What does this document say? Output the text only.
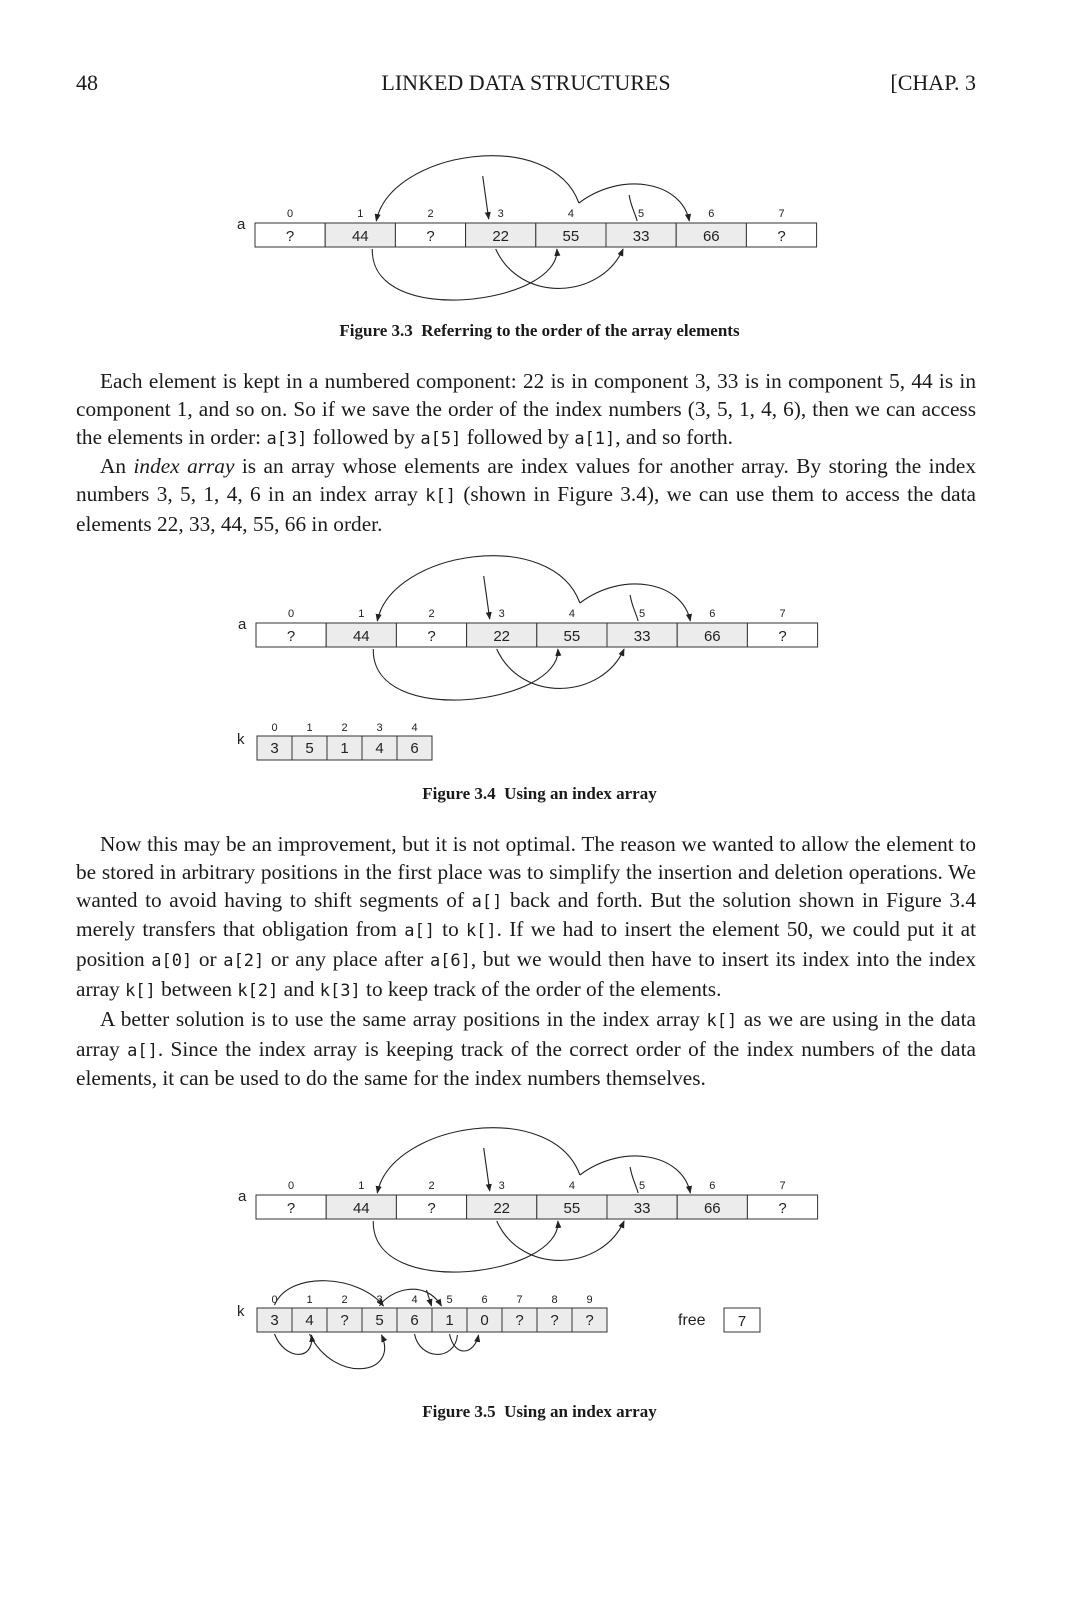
48	LINKED DATA STRUCTURES	[CHAP. 3
a
?
0
44
1
?
2
22
3
55
4
33
5
66
6
?
7
Figure 3.3 Referring to the order of the array elements

Each element is kept in a numbered component: 22 is in component 3, 33 is in component 5, 44 is in component 1, and so on. So if we save the order of the index numbers (3, 5, 1, 4, 6), then we can access the elements in order: a[3] followed by a[5] followed by a[1], and so forth.

An index array is an array whose elements are index values for another array. By storing the index numbers 3, 5, 1, 4, 6 in an index array k[] (shown in Figure 3.4), we can use them to access the data elements 22, 33, 44, 55, 66 in order.

a
?
0
44
1
?
2
22
3
55
4
33
5
66
6
?
7
k
3
0
5
1
1
2
4
3
6
4
Figure 3.4 Using an index array

Now this may be an improvement, but it is not optimal. The reason we wanted to allow the element to be stored in arbitrary positions in the first place was to simplify the insertion and deletion operations. We wanted to avoid having to shift segments of a[] back and forth. But the solution shown in Figure 3.4 merely transfers that obligation from a[] to k[]. If we had to insert the element 50, we could put it at position a[0] or a[2] or any place after a[6], but we would then have to insert its index into the index array k[] between k[2] and k[3] to keep track of the order of the elements.

A better solution is to use the same array positions in the index array k[] as we are using in the data array a[]. Since the index array is keeping track of the correct order of the index numbers of the data elements, it can be used to do the same for the index numbers themselves.

a
?
0
44
1
?
2
22
3
55
4
33
5
66
6
?
7
k
3
0
4
1
?
2
5
3
6
4
1
5
0
6
?
7
?
8
?
9
free 7
Figure 3.5 Using an index array
